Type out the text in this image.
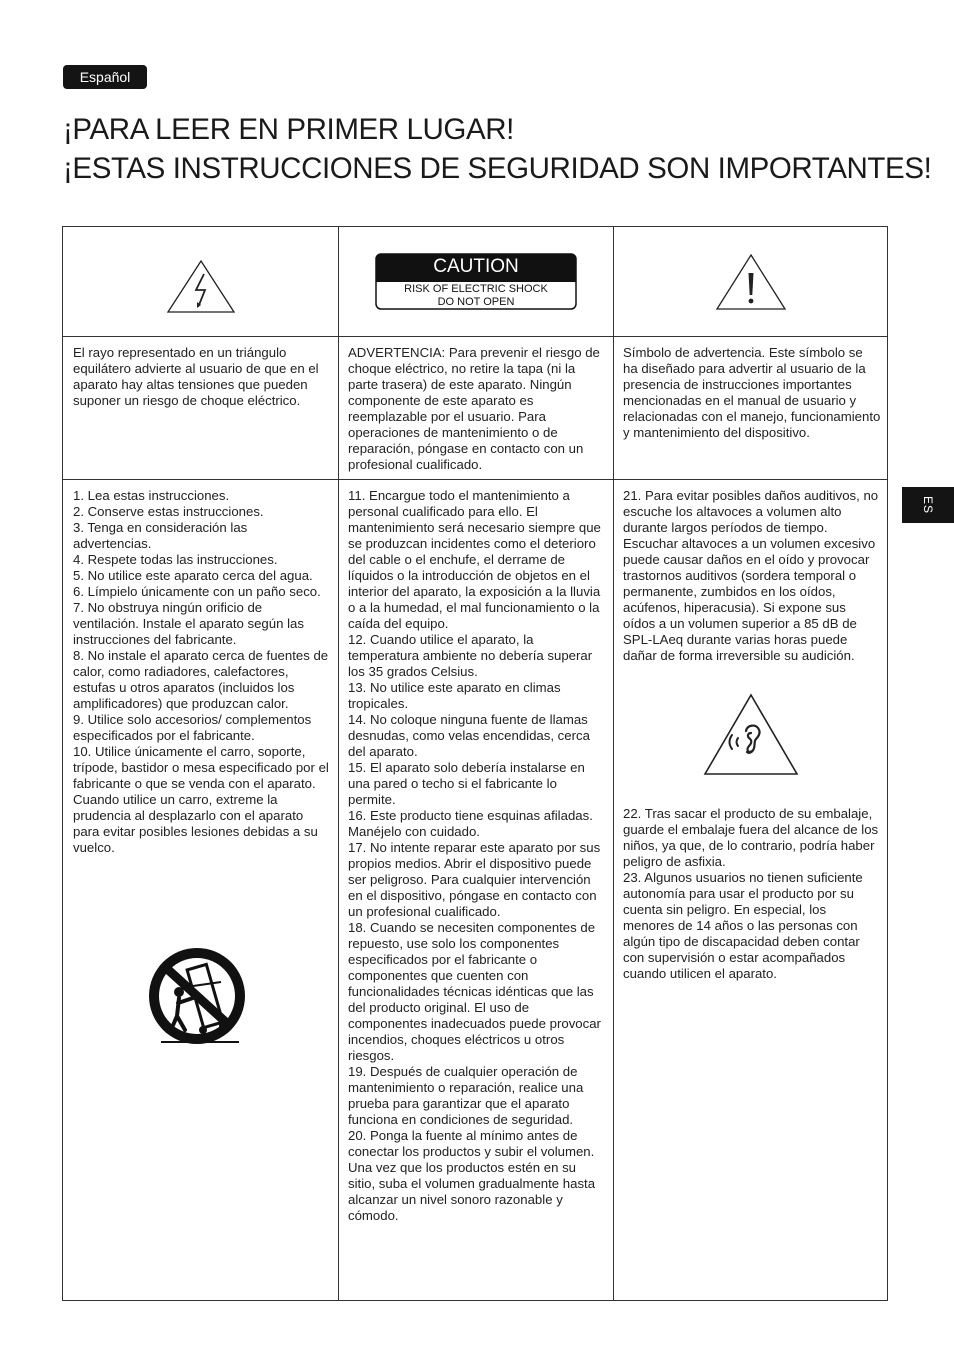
Español
¡PARA LEER EN PRIMER LUGAR!
¡ESTAS INSTRUCCIONES DE SEGURIDAD SON IMPORTANTES!
ES
CAUTION
RISK OF ELECTRIC SHOCK
DO NOT OPEN
El rayo representado en un triángulo equilátero advierte al usuario de que en el aparato hay altas tensiones que pueden suponer un riesgo de choque eléctrico.
ADVERTENCIA: Para prevenir el riesgo de choque eléctrico, no retire la tapa (ni la parte trasera) de este aparato. Ningún componente de este aparato es reemplazable por el usuario. Para operaciones de mantenimiento o de reparación, póngase en contacto con un profesional cualificado.
Símbolo de advertencia. Este símbolo se ha diseñado para advertir al usuario de la presencia de instrucciones importantes mencionadas en el manual de usuario y relacionadas con el manejo, funcionamiento y mantenimiento del dispositivo.
1. Lea estas instrucciones.
2. Conserve estas instrucciones.
3. Tenga en consideración las advertencias.
4. Respete todas las instrucciones.
5. No utilice este aparato cerca del agua.
6. Límpielo únicamente con un paño seco.
7. No obstruya ningún orificio de ventilación. Instale el aparato según las instrucciones del fabricante.
8. No instale el aparato cerca de fuentes de calor, como radiadores, calefactores, estufas u otros aparatos (incluidos los amplificadores) que produzcan calor.
9. Utilice solo accesorios/ complementos especificados por el fabricante.
10. Utilice únicamente el carro, soporte, trípode, bastidor o mesa especificado por el fabricante o que se venda con el aparato. Cuando utilice un carro, extreme la prudencia al desplazarlo con el aparato para evitar posibles lesiones debidas a su vuelco.
11. Encargue todo el mantenimiento a personal cualificado para ello. El mantenimiento será necesario siempre que se produzcan incidentes como el deterioro del cable o el enchufe, el derrame de líquidos o la introducción de objetos en el interior del aparato, la exposición a la lluvia o a la humedad, el mal funcionamiento o la caída del equipo.
12. Cuando utilice el aparato, la temperatura ambiente no debería superar los 35 grados Celsius.
13. No utilice este aparato en climas tropicales.
14. No coloque ninguna fuente de llamas desnudas, como velas encendidas, cerca del aparato.
15. El aparato solo debería instalarse en una pared o techo si el fabricante lo permite.
16. Este producto tiene esquinas afiladas. Manéjelo con cuidado.
17. No intente reparar este aparato por sus propios medios. Abrir el dispositivo puede ser peligroso. Para cualquier intervención en el dispositivo, póngase en contacto con un profesional cualificado.
18. Cuando se necesiten componentes de repuesto, use solo los componentes especificados por el fabricante o componentes que cuenten con funcionalidades técnicas idénticas que las del producto original. El uso de componentes inadecuados puede provocar incendios, choques eléctricos u otros riesgos.
19. Después de cualquier operación de mantenimiento o reparación, realice una prueba para garantizar que el aparato funciona en condiciones de seguridad.
20. Ponga la fuente al mínimo antes de conectar los productos y subir el volumen. Una vez que los productos estén en su sitio, suba el volumen gradualmente hasta alcanzar un nivel sonoro razonable y cómodo.
21. Para evitar posibles daños auditivos, no escuche los altavoces a volumen alto durante largos períodos de tiempo. Escuchar altavoces a un volumen excesivo puede causar daños en el oído y provocar trastornos auditivos (sordera temporal o permanente, zumbidos en los oídos, acúfenos, hiperacusia). Si expone sus oídos a un volumen superior a 85 dB de SPL-LAeq durante varias horas puede dañar de forma irreversible su audición.
22. Tras sacar el producto de su embalaje, guarde el embalaje fuera del alcance de los niños, ya que, de lo contrario, podría haber peligro de asfixia.
23. Algunos usuarios no tienen suficiente autonomía para usar el producto por su cuenta sin peligro. En especial, los menores de 14 años o las personas con algún tipo de discapacidad deben contar con supervisión o estar acompañados cuando utilicen el aparato.
